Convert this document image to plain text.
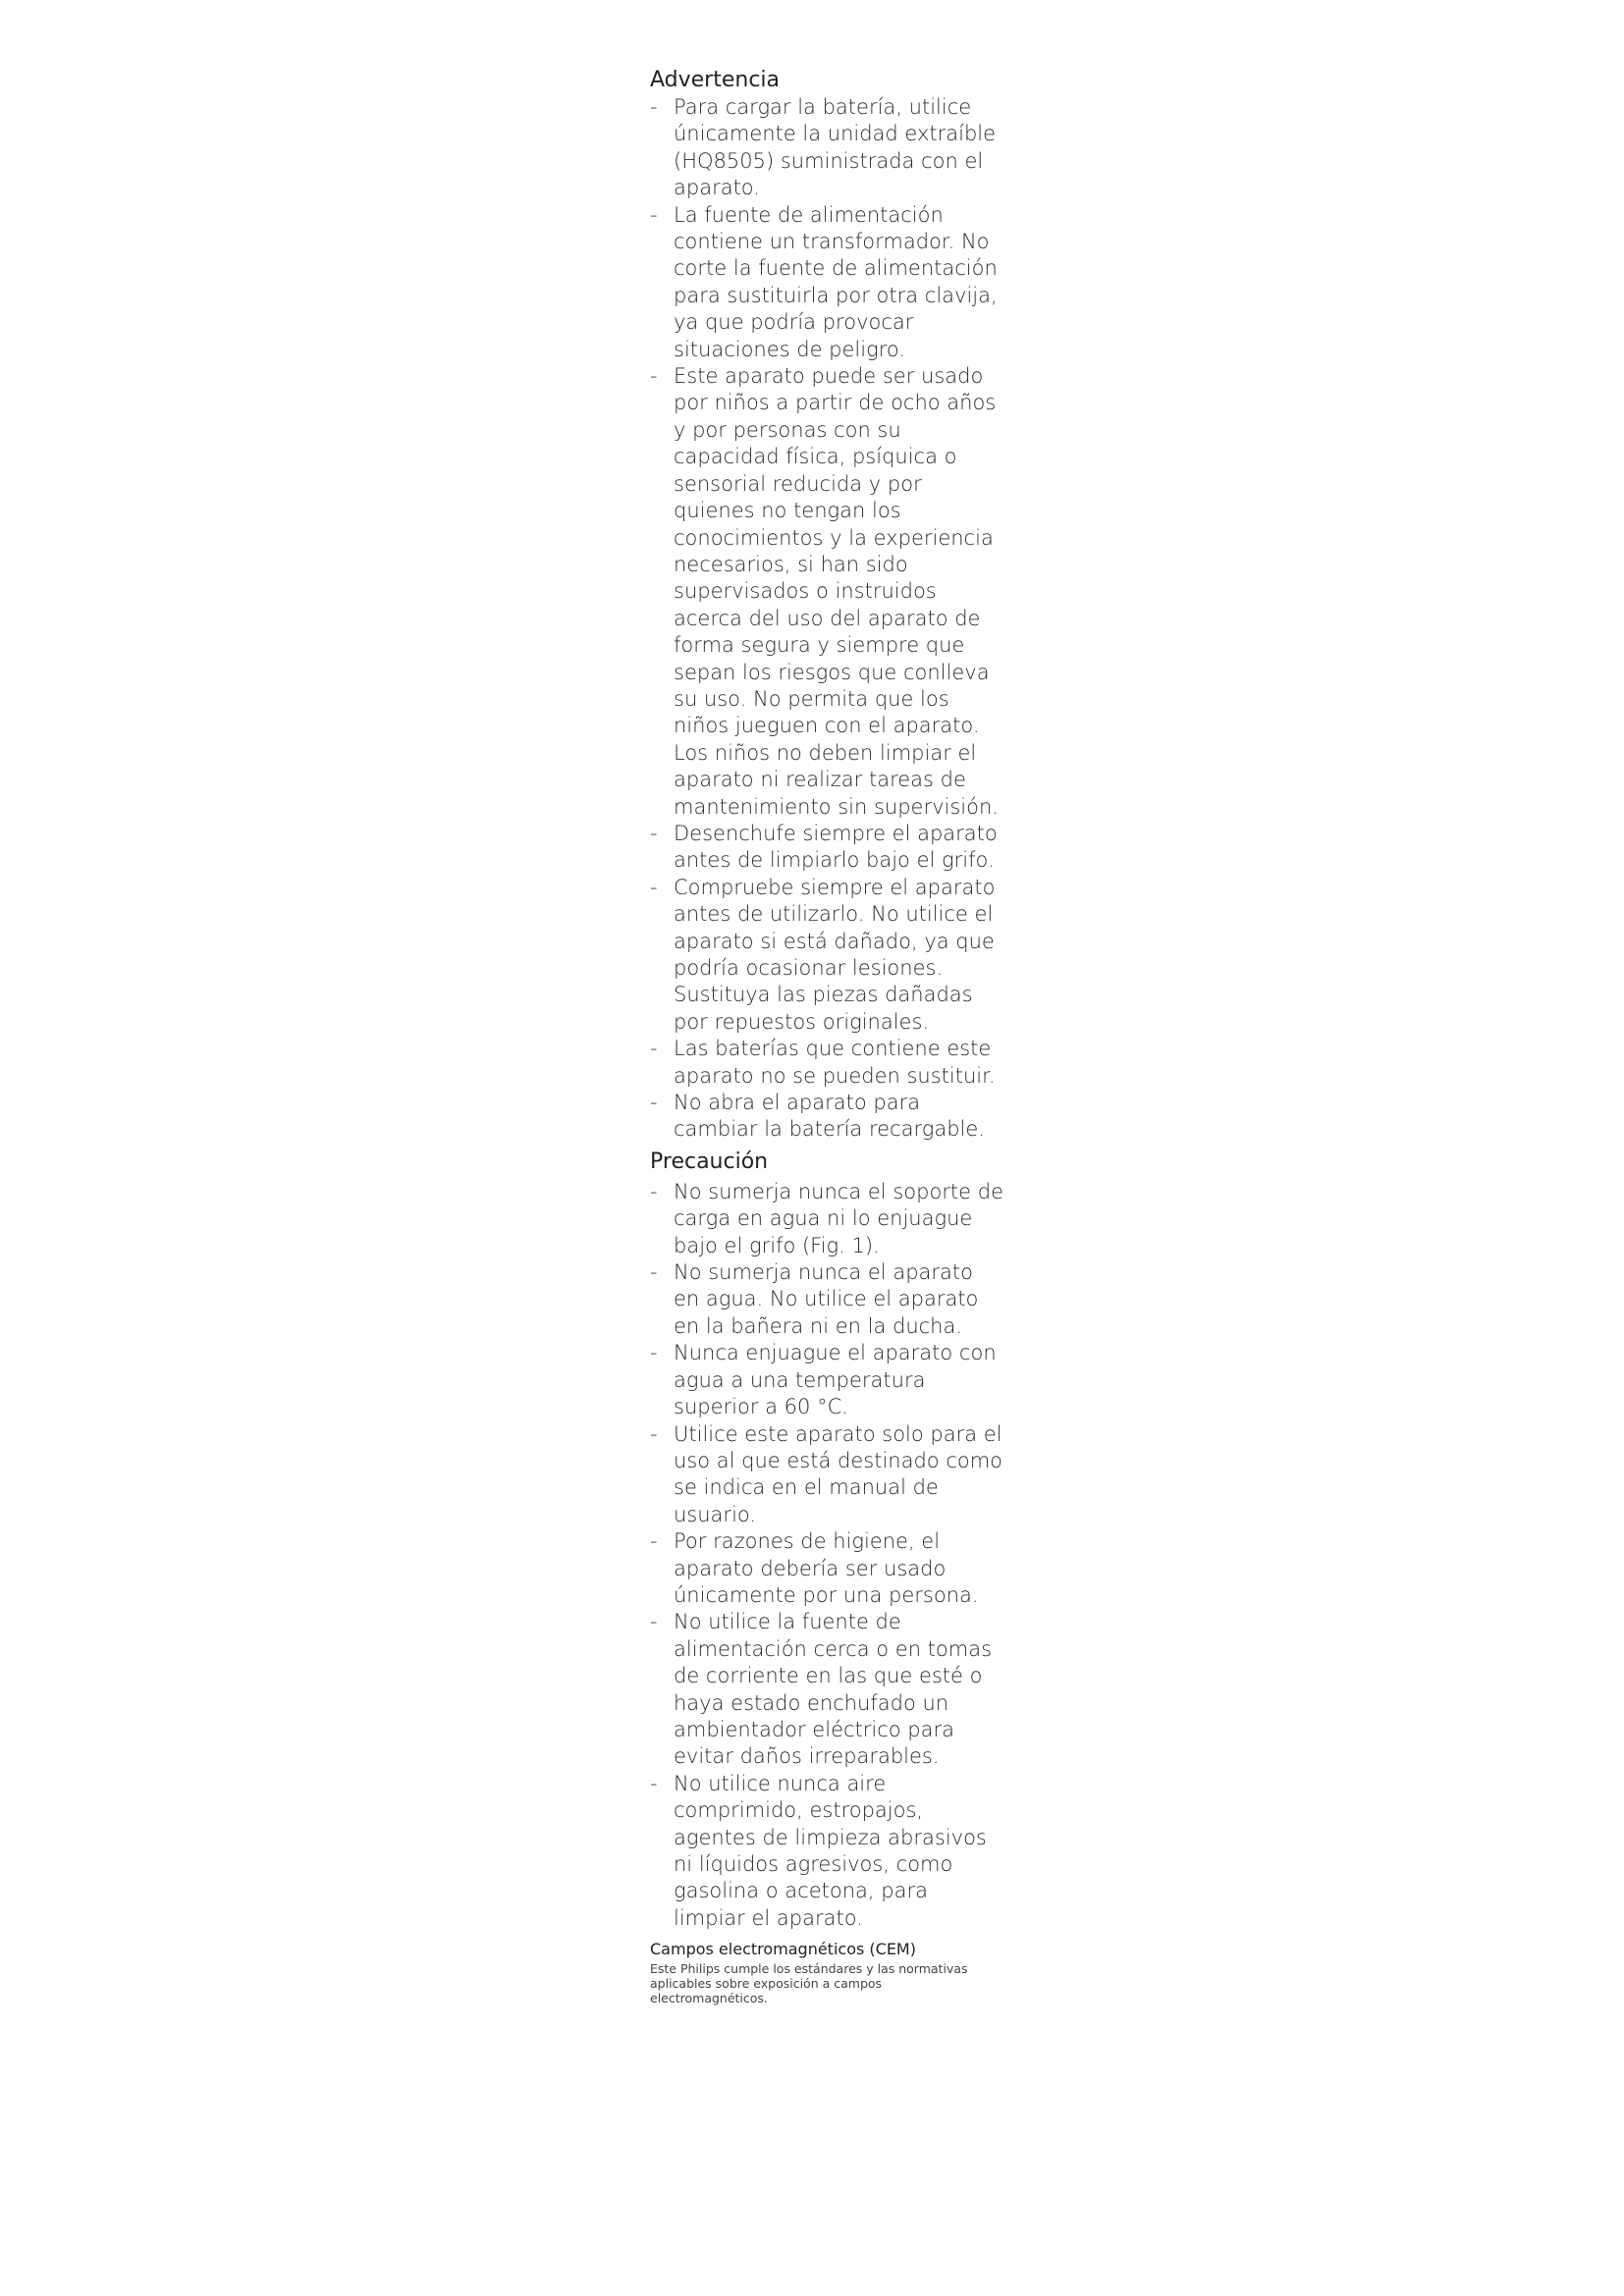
Advertencia
- Para cargar la batería, utilice únicamente la unidad extraíble (HQ8505) suministrada con el aparato.
- La fuente de alimentación contiene un transformador. No corte la fuente de alimentación para sustituirla por otra clavija, ya que podría provocar situaciones de peligro.
- Este aparato puede ser usado por niños a partir de ocho años y por personas con su capacidad física, psíquica o sensorial reducida y por quienes no tengan los conocimientos y la experiencia necesarios, si han sido supervisados o instruidos acerca del uso del aparato de forma segura y siempre que sepan los riesgos que conlleva su uso. No permita que los niños jueguen con el aparato. Los niños no deben limpiar el aparato ni realizar tareas de mantenimiento sin supervisión.
- Desenchufe siempre el aparato antes de limpiarlo bajo el grifo.
- Compruebe siempre el aparato antes de utilizarlo. No utilice el aparato si está dañado, ya que podría ocasionar lesiones. Sustituya las piezas dañadas por repuestos originales.
- Las baterías que contiene este aparato no se pueden sustituir.
- No abra el aparato para cambiar la batería recargable.
Precaución
- No sumerja nunca el soporte de carga en agua ni lo enjuague bajo el grifo (Fig. 1).
- No sumerja nunca el aparato en agua. No utilice el aparato en la bañera ni en la ducha.
- Nunca enjuague el aparato con agua a una temperatura superior a 60 °C.
- Utilice este aparato solo para el uso al que está destinado como se indica en el manual de usuario.
- Por razones de higiene, el aparato debería ser usado únicamente por una persona.
- No utilice la fuente de alimentación cerca o en tomas de corriente en las que esté o haya estado enchufado un ambientador eléctrico para evitar daños irreparables.
- No utilice nunca aire comprimido, estropajos, agentes de limpieza abrasivos ni líquidos agresivos, como gasolina o acetona, para limpiar el aparato.
Campos electromagnéticos (CEM)
Este Philips cumple los estándares y las normativas aplicables sobre exposición a campos electromagnéticos.
